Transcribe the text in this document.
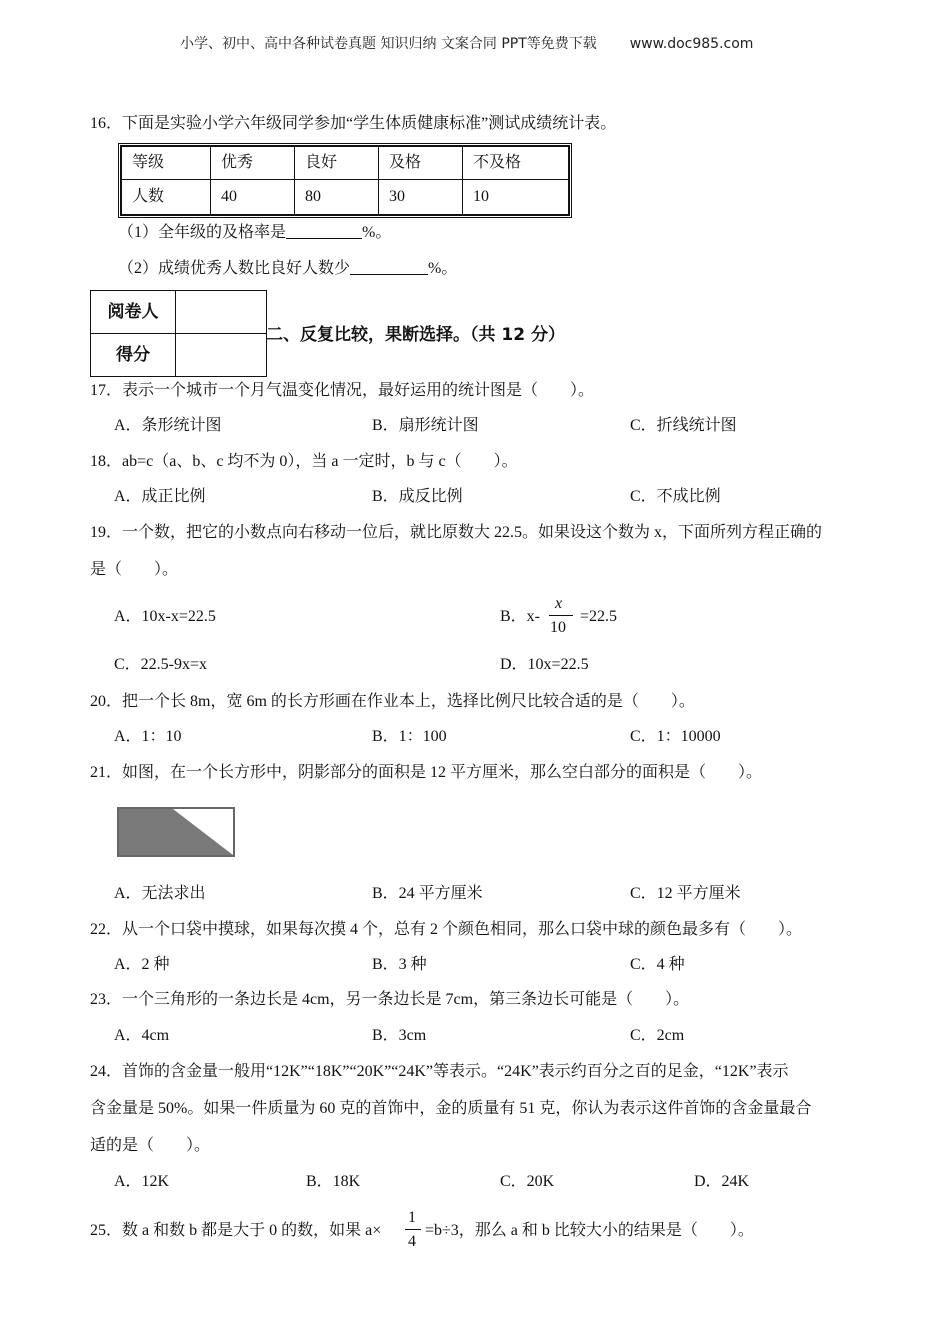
小学、初中、高中各种试卷真题 知识归纳 文案合同 PPT等免费下载 www.doc985.com
16．下面是实验小学六年级同学参加“学生体质健康标准”测试成绩统计表。
等级	优秀	良好	及格	不及格
人数	40	80	30	10
（1）全年级的及格率是	%。
（2）成绩优秀人数比良好人数少	%。
阅卷人	
得分	
二、反复比较，果断选择。（共 12 分）
17．表示一个城市一个月气温变化情况，最好运用的统计图是（　　）。
A．条形统计图	B．扇形统计图	C．折线统计图
18．ab=c（a、b、c 均不为 0），当 a 一定时，b 与 c（　　）。
A．成正比例	B．成反比例	C．不成比例
19．一个数，把它的小数点向右移动一位后，就比原数大 22.5。如果设这个数为 x，下面所列方程正确的
是（　　）。
A．10x-x=22.5	B．x-
x
10
=22.5
C．22.5-9x=x	D．10x=22.5
20．把一个长 8m，宽 6m 的长方形画在作业本上，选择比例尺比较合适的是（　　）。
A．1：10	B．1：100	C．1：10000
21．如图，在一个长方形中，阴影部分的面积是 12 平方厘米，那么空白部分的面积是（　　）。
A．无法求出	B．24 平方厘米	C．12 平方厘米
22．从一个口袋中摸球，如果每次摸 4 个，总有 2 个颜色相同，那么口袋中球的颜色最多有（　　）。
A．2 种	B．3 种	C．4 种
23．一个三角形的一条边长是 4cm，另一条边长是 7cm，第三条边长可能是（　　）。
A．4cm	B．3cm	C．2cm
24．首饰的含金量一般用“12K”“18K”“20K”“24K”等表示。“24K”表示约百分之百的足金，“12K”表示
含金量是 50%。如果一件质量为 60 克的首饰中，金的质量有 51 克，你认为表示这件首饰的含金量最合
适的是（　　）。
A．12K	B．18K	C．20K	D．24K
25．数 a 和数 b 都是大于 0 的数，如果 a×
1
4
=b÷3，那么 a 和 b 比较大小的结果是（　　）。
